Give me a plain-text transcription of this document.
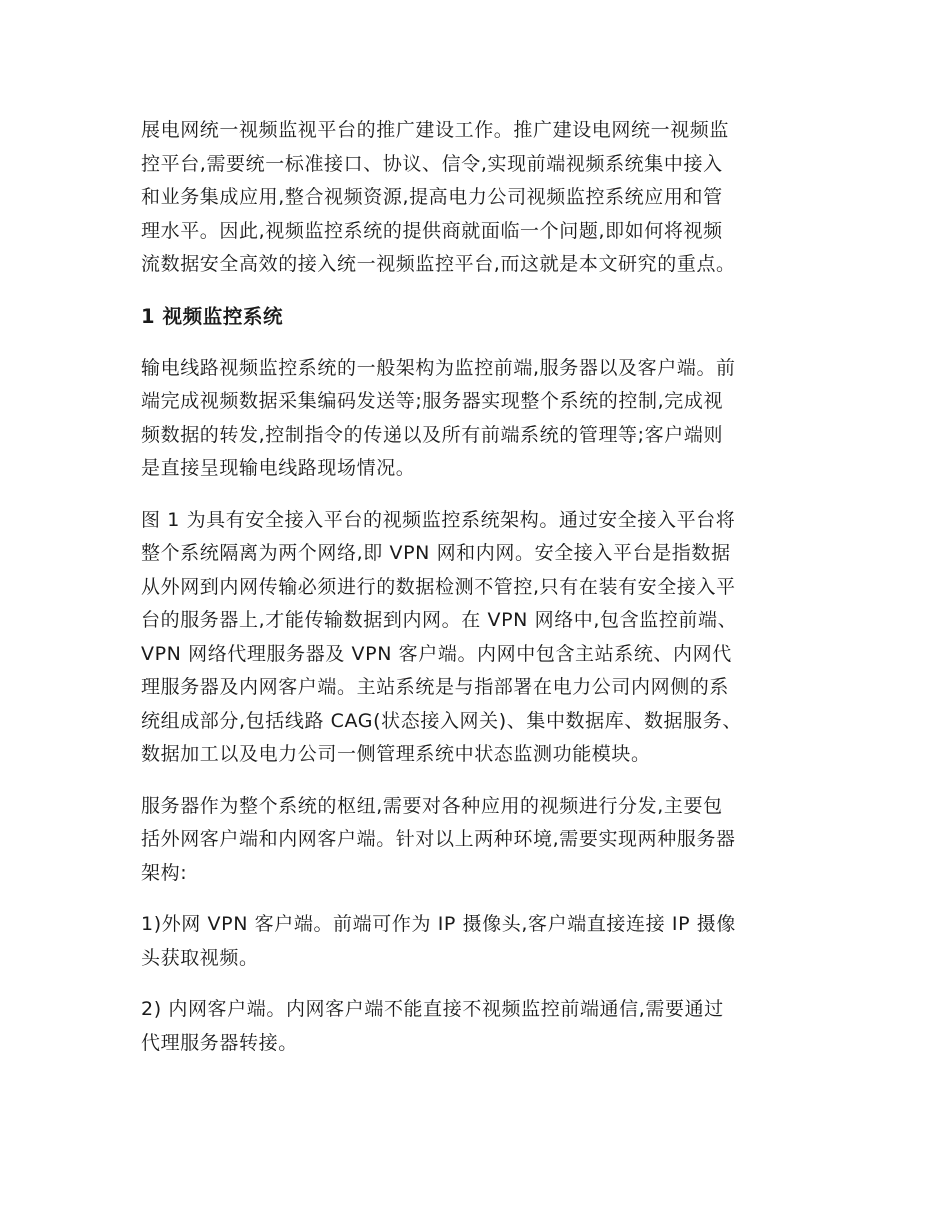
展电网统一视频监视平台的推广建设工作。推广建设电网统一视频监
控平台,需要统一标准接口、协议、信令,实现前端视频系统集中接入
和业务集成应用,整合视频资源,提高电力公司视频监控系统应用和管
理水平。因此,视频监控系统的提供商就面临一个问题,即如何将视频
流数据安全高效的接入统一视频监控平台,而这就是本文研究的重点。

1 视频监控系统

输电线路视频监控系统的一般架构为监控前端,服务器以及客户端。前
端完成视频数据采集编码发送等;服务器实现整个系统的控制,完成视
频数据的转发,控制指令的传递以及所有前端系统的管理等;客户端则
是直接呈现输电线路现场情况。

图 1 为具有安全接入平台的视频监控系统架构。通过安全接入平台将
整个系统隔离为两个网络,即 VPN 网和内网。安全接入平台是指数据
从外网到内网传输必须进行的数据检测不管控,只有在装有安全接入平
台的服务器上,才能传输数据到内网。在 VPN 网络中,包含监控前端、
VPN 网络代理服务器及 VPN 客户端。内网中包含主站系统、内网代
理服务器及内网客户端。主站系统是与指部署在电力公司内网侧的系
统组成部分,包括线路 CAG(状态接入网关)、集中数据库、数据服务、
数据加工以及电力公司一侧管理系统中状态监测功能模块。

服务器作为整个系统的枢纽,需要对各种应用的视频进行分发,主要包
括外网客户端和内网客户端。针对以上两种环境,需要实现两种服务器
架构:

1)外网 VPN 客户端。前端可作为 IP 摄像头,客户端直接连接 IP 摄像
头获取视频。

2) 内网客户端。内网客户端不能直接不视频监控前端通信,需要通过
代理服务器转接。
